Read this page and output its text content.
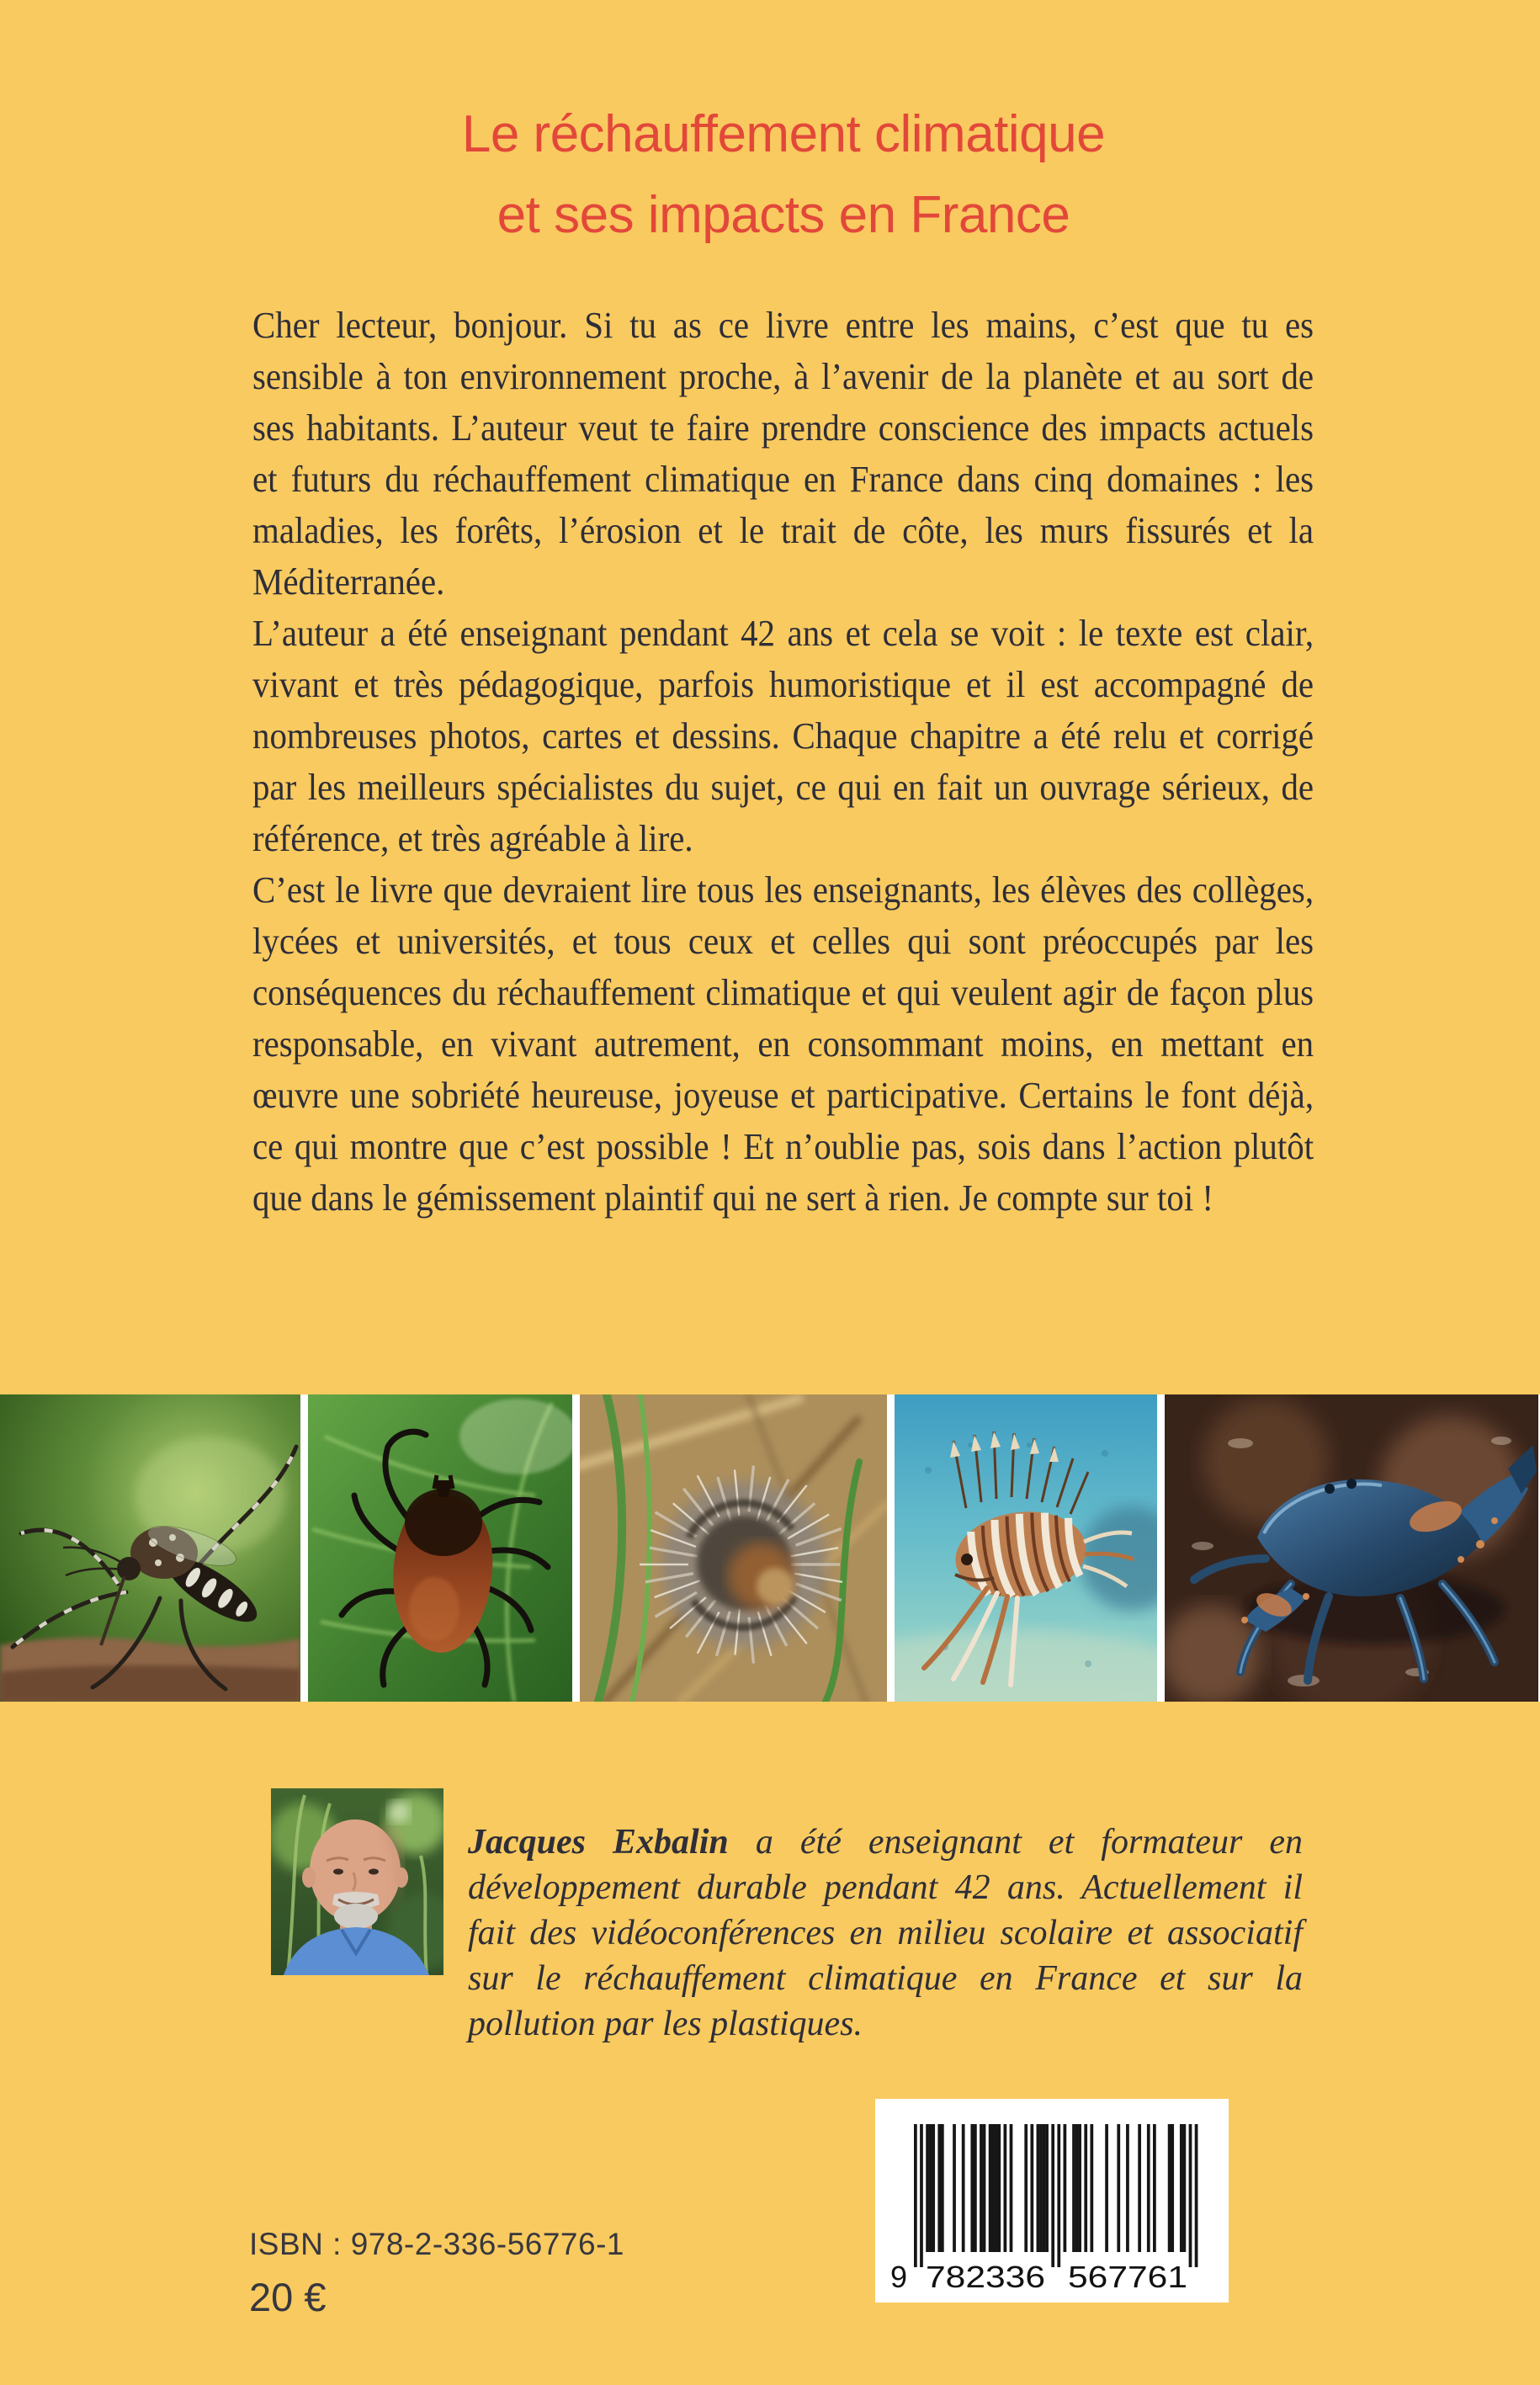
Le réchauffement climatique
et ses impacts en France

Cher lecteur, bonjour. Si tu as ce livre entre les mains, c’est que tu es sensible à ton environnement proche, à l’avenir de la planète et au sort de ses habitants. L’auteur veut te faire prendre conscience des impacts actuels et futurs du réchauffement climatique en France dans cinq domaines : les maladies, les forêts, l’érosion et le trait de côte, les murs fissurés et la Méditerranée.

L’auteur a été enseignant pendant 42 ans et cela se voit : le texte est clair, vivant et très pédagogique, parfois humoristique et il est accompagné de nombreuses photos, cartes et dessins. Chaque chapitre a été relu et corrigé par les meilleurs spécialistes du sujet, ce qui en fait un ouvrage sérieux, de référence, et très agréable à lire.

C’est le livre que devraient lire tous les enseignants, les élèves des collèges, lycées et universités, et tous ceux et celles qui sont préoccupés par les conséquences du réchauffement climatique et qui veulent agir de façon plus responsable, en vivant autrement, en consommant moins, en mettant en œuvre une sobriété heureuse, joyeuse et participative. Certains le font déjà, ce qui montre que c’est possible ! Et n’oublie pas, sois dans l’action plutôt que dans le gémissement plaintif qui ne sert à rien. Je compte sur toi !

Jacques Exbalin a été enseignant et formateur en développement durable pendant 42 ans. Actuellement il fait des vidéoconférences en milieu scolaire et associatif sur le réchauffement climatique en France et sur la pollution par les plastiques.

ISBN : 978-2-336-56776-1
20 €	9 782336 567761
